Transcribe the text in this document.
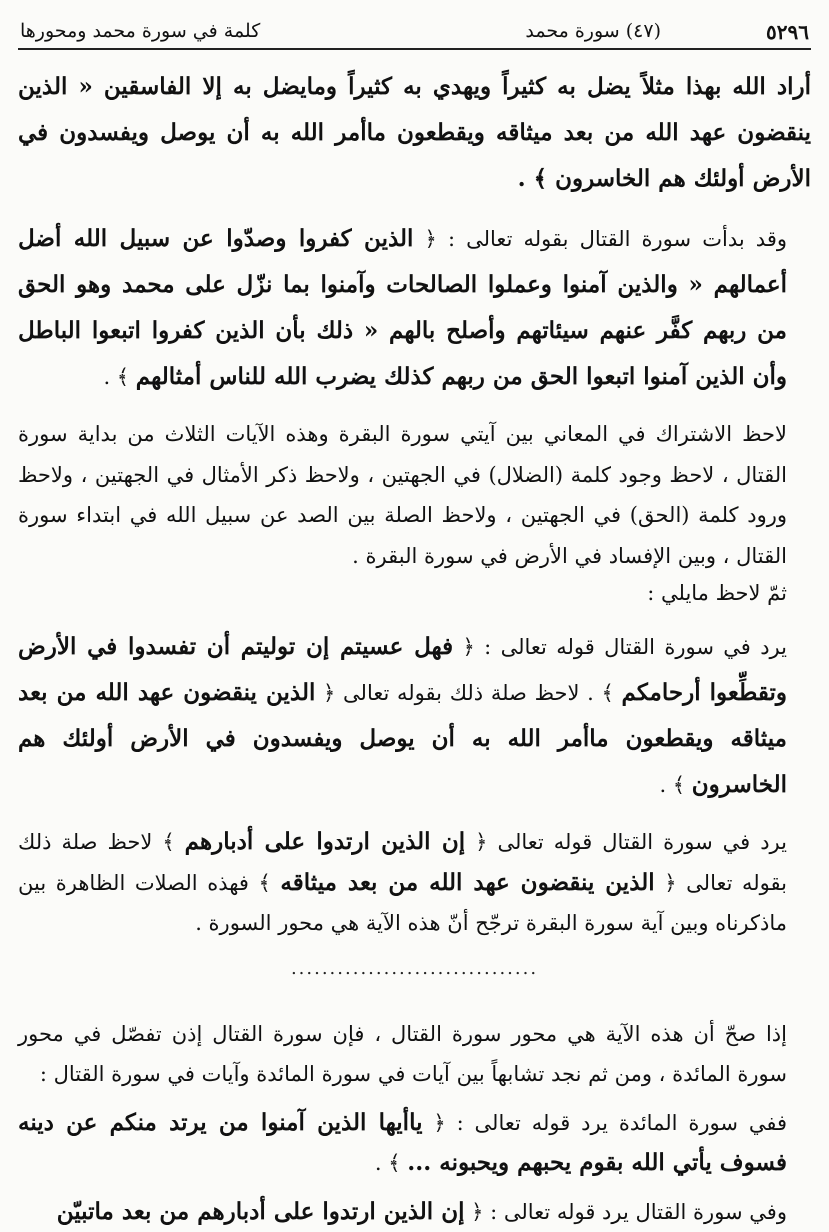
٥٢٩٦
(٤٧) سورة محمد
كلمة في سورة محمد ومحورها

أراد الله بهذا مثلاً يضل به كثيراً ويهدي به كثيراً ومايضل به إلا الفاسقين « الذين ينقضون عهد الله من بعد ميثاقه ويقطعون ماأمر الله به أن يوصل ويفسدون في الأرض أولئك هم الخاسرون ﴾ .

وقد بدأت سورة القتال بقوله تعالى : ﴿ الذين كفروا وصدّوا عن سبيل الله أضل أعمالهم « والذين آمنوا وعملوا الصالحات وآمنوا بما نزّل على محمد وهو الحق من ربهم كفَّر عنهم سيئاتهم وأصلح بالهم « ذلك بأن الذين كفروا اتبعوا الباطل وأن الذين آمنوا اتبعوا الحق من ربهم كذلك يضرب الله للناس أمثالهم ﴾ .

لاحظ الاشتراك في المعاني بين آيتي سورة البقرة وهذه الآيات الثلاث من بداية سورة القتال ، لاحظ وجود كلمة (الضلال) في الجهتين ، ولاحظ ذكر الأمثال في الجهتين ، ولاحظ ورود كلمة (الحق) في الجهتين ، ولاحظ الصلة بين الصد عن سبيل الله في ابتداء سورة القتال ، وبين الإفساد في الأرض في سورة البقرة .

ثمّ لاحظ مايلي :

يرد في سورة القتال قوله تعالى : ﴿ فهل عسيتم إن توليتم أن تفسدوا في الأرض وتقطِّعوا أرحامكم ﴾ . لاحظ صلة ذلك بقوله تعالى ﴿ الذين ينقضون عهد الله من بعد ميثاقه ويقطعون ماأمر الله به أن يوصل ويفسدون في الأرض أولئك هم الخاسرون ﴾ .

يرد في سورة القتال قوله تعالى ﴿ إن الذين ارتدوا على أدبارهم ﴾ لاحظ صلة ذلك بقوله تعالى ﴿ الذين ينقضون عهد الله من بعد ميثاقه ﴾ فهذه الصلات الظاهرة بين ماذكرناه وبين آية سورة البقرة ترجّح أنّ هذه الآية هي محور السورة .

................................

إذا صحّ أن هذه الآية هي محور سورة القتال ، فإن سورة القتال إذن تفصّل في محور سورة المائدة ، ومن ثم نجد تشابهاً بين آيات في سورة المائدة وآيات في سورة القتال :

ففي سورة المائدة يرد قوله تعالى : ﴿ ياأيها الذين آمنوا من يرتد منكم عن دينه فسوف يأتي الله بقوم يحبهم ويحبونه ... ﴾ .

وفي سورة القتال يرد قوله تعالى : ﴿ إن الذين ارتدوا على أدبارهم من بعد ماتبيّن
